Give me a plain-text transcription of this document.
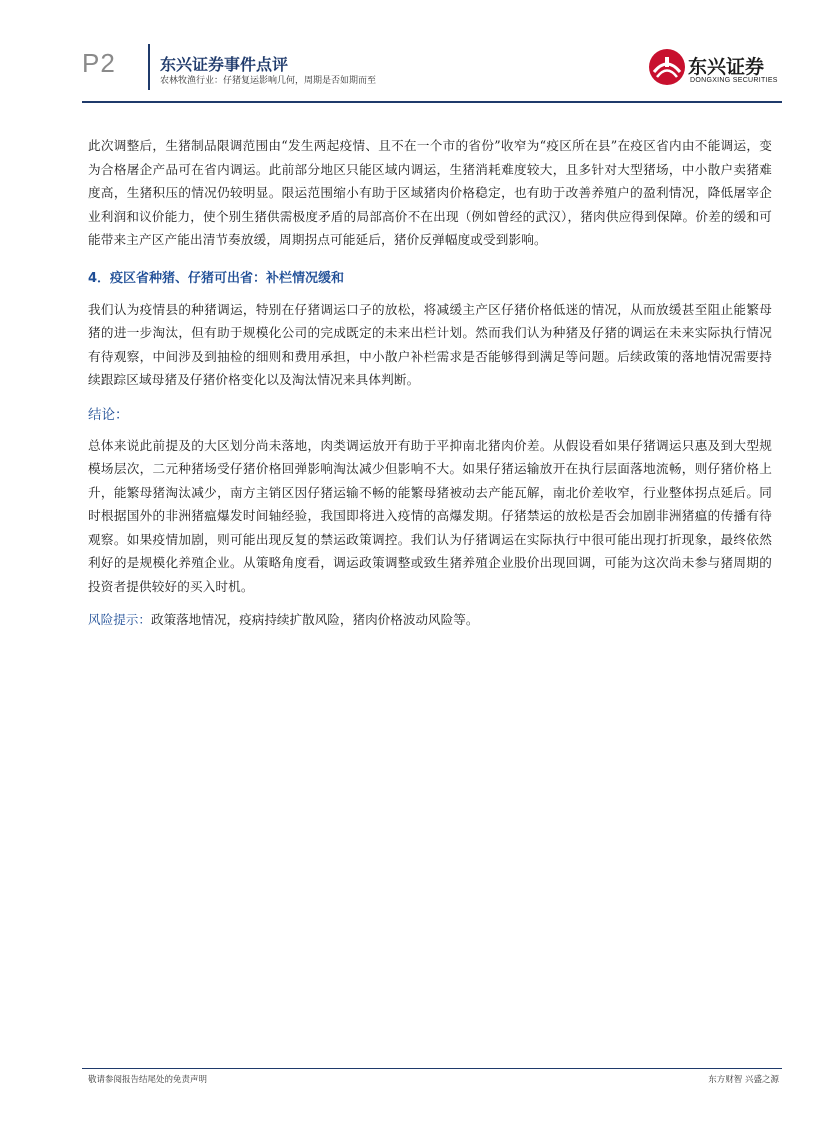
P2	东兴证券事件点评
农林牧渔行业：仔猪复运影响几何，周期是否如期而至
东兴证券
DONGXING SECURITIES

此次调整后，生猪制品限调范围由“发生两起疫情、且不在一个市的省份”收窄为“疫区所在县”在疫区省内由不能调运，变为合格屠企产品可在省内调运。此前部分地区只能区域内调运，生猪消耗难度较大，且多针对大型猪场，中小散户卖猪难度高，生猪积压的情况仍较明显。限运范围缩小有助于区域猪肉价格稳定，也有助于改善养殖户的盈利情况，降低屠宰企业利润和议价能力，使个别生猪供需极度矛盾的局部高价不在出现（例如曾经的武汉），猪肉供应得到保障。价差的缓和可能带来主产区产能出清节奏放缓，周期拐点可能延后，猪价反弹幅度或受到影响。

4．疫区省种猪、仔猪可出省：补栏情况缓和

我们认为疫情县的种猪调运，特别在仔猪调运口子的放松，将减缓主产区仔猪价格低迷的情况，从而放缓甚至阻止能繁母猪的进一步淘汰，但有助于规模化公司的完成既定的未来出栏计划。然而我们认为种猪及仔猪的调运在未来实际执行情况有待观察，中间涉及到抽检的细则和费用承担，中小散户补栏需求是否能够得到满足等问题。后续政策的落地情况需要持续跟踪区域母猪及仔猪价格变化以及淘汰情况来具体判断。

结论：

总体来说此前提及的大区划分尚未落地，肉类调运放开有助于平抑南北猪肉价差。从假设看如果仔猪调运只惠及到大型规模场层次，二元种猪场受仔猪价格回弹影响淘汰减少但影响不大。如果仔猪运输放开在执行层面落地流畅，则仔猪价格上升，能繁母猪淘汰减少，南方主销区因仔猪运输不畅的能繁母猪被动去产能瓦解，南北价差收窄，行业整体拐点延后。同时根据国外的非洲猪瘟爆发时间轴经验，我国即将进入疫情的高爆发期。仔猪禁运的放松是否会加剧非洲猪瘟的传播有待观察。如果疫情加剧，则可能出现反复的禁运政策调控。我们认为仔猪调运在实际执行中很可能出现打折现象，最终依然利好的是规模化养殖企业。从策略角度看，调运政策调整或致生猪养殖企业股价出现回调，可能为这次尚未参与猪周期的投资者提供较好的买入时机。

风险提示：政策落地情况，疫病持续扩散风险，猪肉价格波动风险等。

敬请参阅报告结尾处的免责声明	东方财智 兴盛之源
